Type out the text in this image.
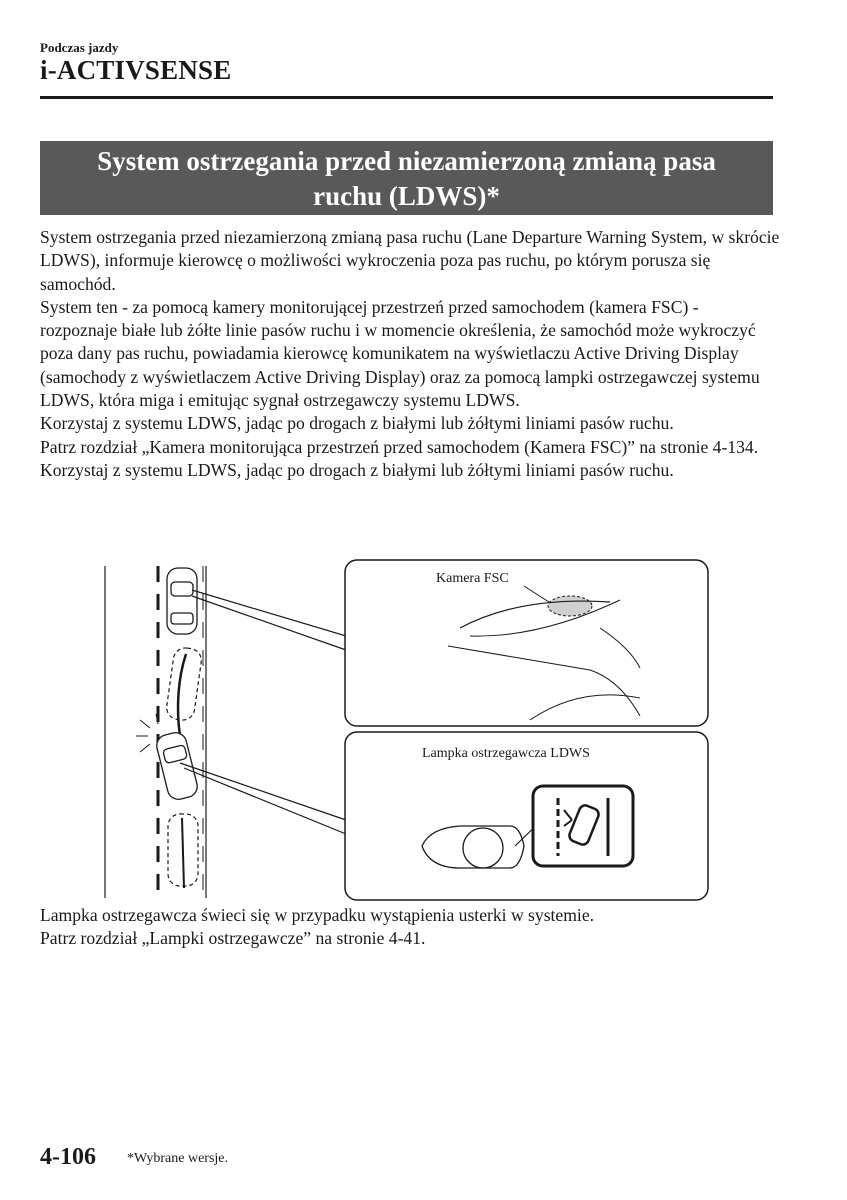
Podczas jazdy
i-ACTIVSENSE
System ostrzegania przed niezamierzoną zmianą pasa
ruchu (LDWS)*

System ostrzegania przed niezamierzoną zmianą pasa ruchu (Lane Departure Warning System, w skrócie LDWS), informuje kierowcę o możliwości wykroczenia poza pas ruchu, po którym porusza się samochód.

System ten - za pomocą kamery monitorującej przestrzeń przed samochodem (kamera FSC) - rozpoznaje białe lub żółte linie pasów ruchu i w momencie określenia, że samochód może wykroczyć poza dany pas ruchu, powiadamia kierowcę komunikatem na wyświetlaczu Active Driving Display (samochody z wyświetlaczem Active Driving Display) oraz za pomocą lampki ostrzegawczej systemu LDWS, która miga i emitując sygnał ostrzegawczy systemu LDWS.

Korzystaj z systemu LDWS, jadąc po drogach z białymi lub żółtymi liniami pasów ruchu.

Patrz rozdział „Kamera monitorująca przestrzeń przed samochodem (Kamera FSC)” na stronie 4-134.

Korzystaj z systemu LDWS, jadąc po drogach z białymi lub żółtymi liniami pasów ruchu.

Kamera FSC
Lampka ostrzegawcza LDWS

Lampka ostrzegawcza świeci się w przypadku wystąpienia usterki w systemie.

Patrz rozdział „Lampki ostrzegawcze” na stronie 4-41.

4-106 *Wybrane wersje.
